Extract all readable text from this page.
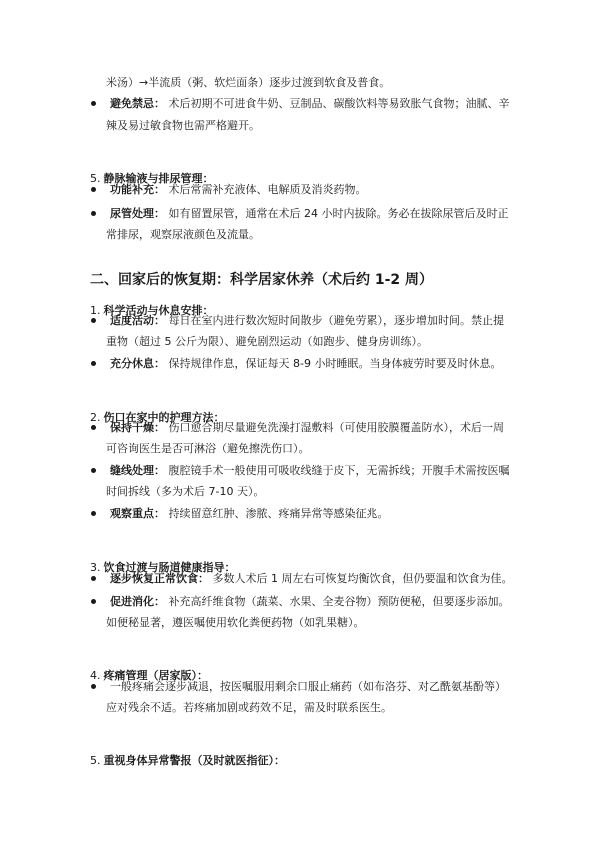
米汤）→半流质（粥、软烂面条）逐步过渡到软食及普食。

避免禁忌： 术后初期不可进食牛奶、豆制品、碳酸饮料等易致胀气食物；油腻、辛

辣及易过敏食物也需严格避开。

5. 静脉输液与排尿管理：

功能补充： 术后常需补充液体、电解质及消炎药物。

尿管处理： 如有留置尿管，通常在术后 24 小时内拔除。务必在拔除尿管后及时正

常排尿，观察尿液颜色及流量。

二、回家后的恢复期：科学居家休养（术后约 1-2 周）

1. 科学活动与休息安排：

适度活动： 每日在室内进行数次短时间散步（避免劳累），逐步增加时间。禁止提

重物（超过 5 公斤为限）、避免剧烈运动（如跑步、健身房训练）。

充分休息： 保持规律作息，保证每天 8-9 小时睡眠。当身体疲劳时要及时休息。

2. 伤口在家中的护理方法：

保持干燥： 伤口愈合期尽量避免洗澡打湿敷料（可使用胶膜覆盖防水），术后一周

可咨询医生是否可淋浴（避免擦洗伤口）。

缝线处理： 腹腔镜手术一般使用可吸收线缝于皮下，无需拆线；开腹手术需按医嘱

时间拆线（多为术后 7-10 天）。

观察重点： 持续留意红肿、渗脓、疼痛异常等感染征兆。

3. 饮食过渡与肠道健康指导：

逐步恢复正常饮食： 多数人术后 1 周左右可恢复均衡饮食，但仍要温和饮食为佳。

促进消化： 补充高纤维食物（蔬菜、水果、全麦谷物）预防便秘，但要逐步添加。

如便秘显著，遵医嘱使用软化粪便药物（如乳果糖）。

4. 疼痛管理（居家版）：

一般疼痛会逐步减退，按医嘱服用剩余口服止痛药（如布洛芬、对乙酰氨基酚等）

应对残余不适。若疼痛加剧或药效不足，需及时联系医生。

5. 重视身体异常警报（及时就医指征）：
